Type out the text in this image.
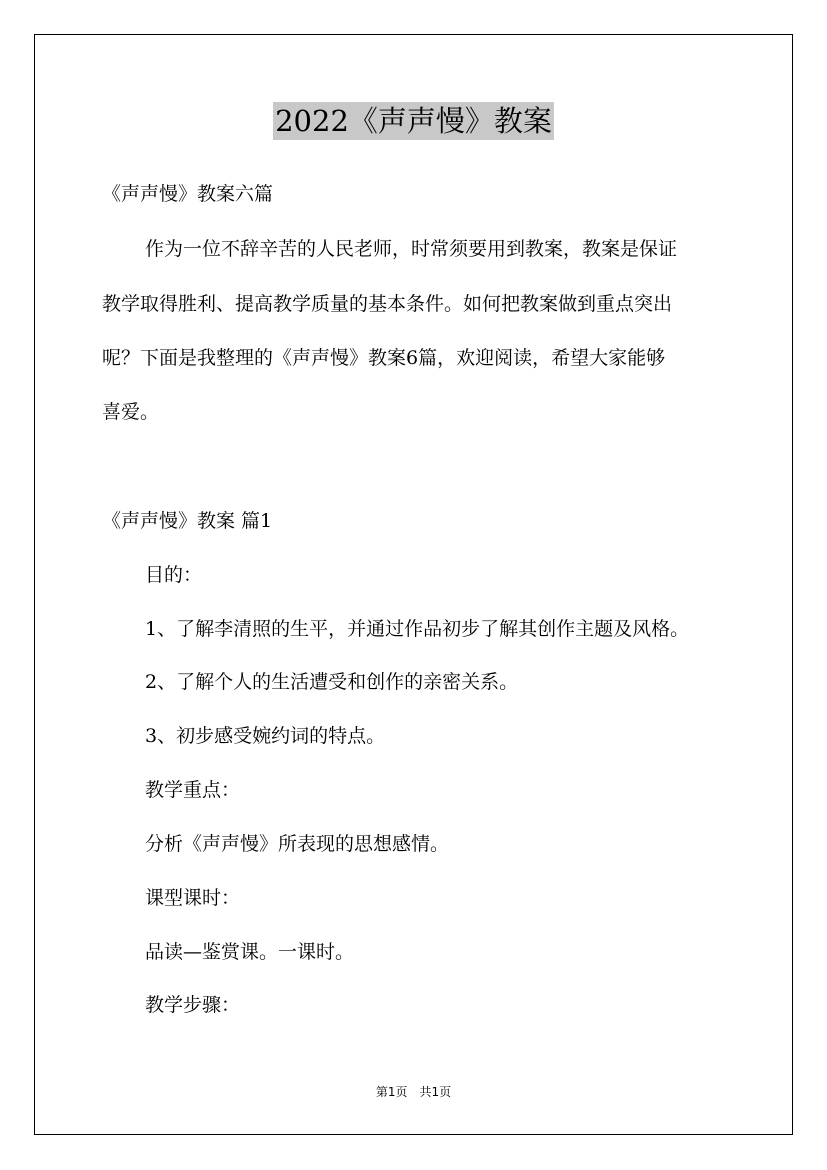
2022《声声慢》教案
《声声慢》教案六篇
作为一位不辞辛苦的人民老师，时常须要用到教案，教案是保证
教学取得胜利、提高教学质量的基本条件。如何把教案做到重点突出
呢？下面是我整理的《声声慢》教案6篇，欢迎阅读，希望大家能够
喜爱。
《声声慢》教案 篇1
目的：
1、了解李清照的生平，并通过作品初步了解其创作主题及风格。
2、了解个人的生活遭受和创作的亲密关系。
3、初步感受婉约词的特点。
教学重点：
分析《声声慢》所表现的思想感情。
课型课时：
品读—鉴赏课。一课时。
教学步骤：
第1页　共1页
